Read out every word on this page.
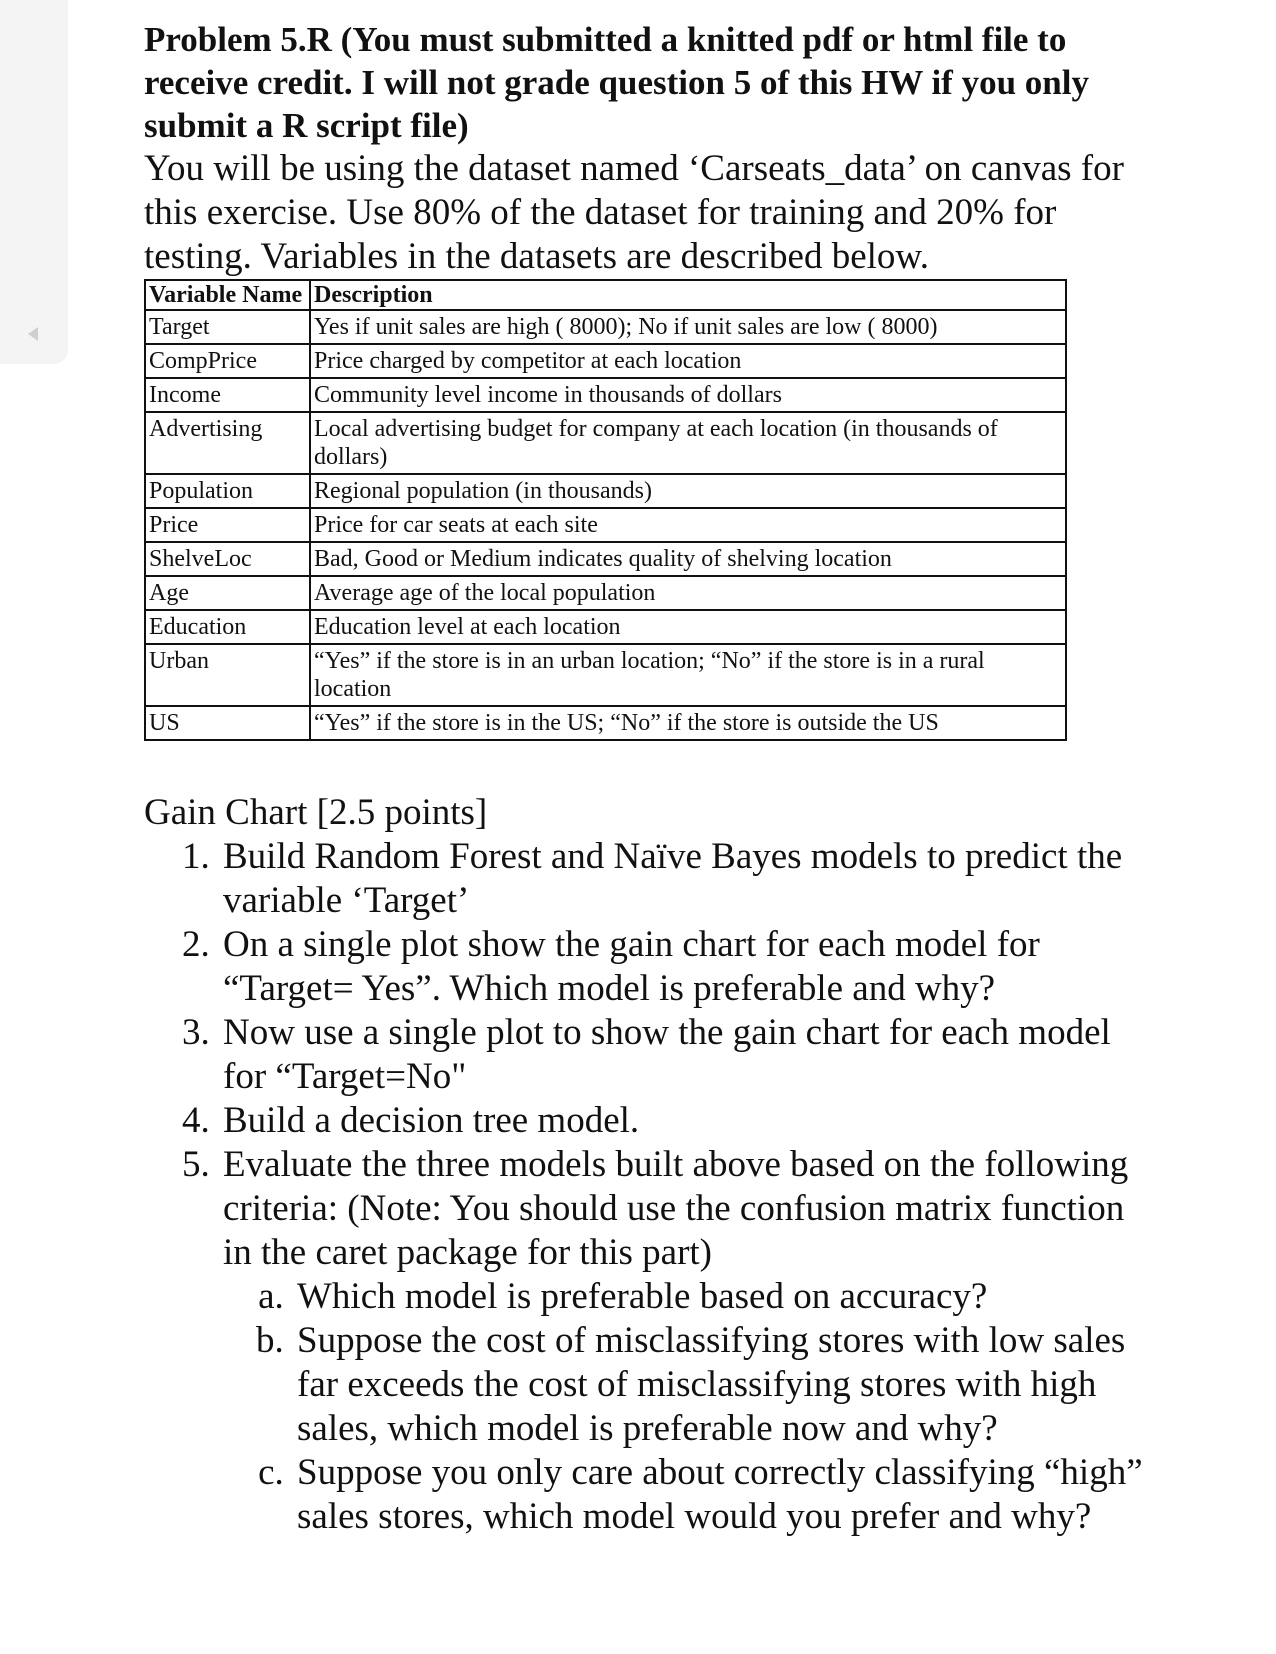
Problem 5.R (You must submitted a knitted pdf or html file to receive credit. I will not grade question 5 of this HW if you only submit a R script file)

You will be using the dataset named ‘Carseats_data’ on canvas for this exercise. Use 80% of the dataset for training and 20% for testing. Variables in the datasets are described below.

Variable Name	Description
Target	Yes if unit sales are high ( 8000); No if unit sales are low ( 8000)
CompPrice	Price charged by competitor at each location
Income	Community level income in thousands of dollars
Advertising	Local advertising budget for company at each location (in thousands of dollars)
Population	Regional population (in thousands)
Price	Price for car seats at each site
ShelveLoc	Bad, Good or Medium indicates quality of shelving location
Age	Average age of the local population
Education	Education level at each location
Urban	“Yes” if the store is in an urban location; “No” if the store is in a rural location
US	“Yes” if the store is in the US; “No” if the store is outside the US

Gain Chart [2.5 points]

1. Build Random Forest and Naïve Bayes models to predict the variable ‘Target’
2. On a single plot show the gain chart for each model for “Target= Yes”. Which model is preferable and why?
3. Now use a single plot to show the gain chart for each model for “Target=No"
4. Build a decision tree model.
5. Evaluate the three models built above based on the following criteria: (Note: You should use the confusion matrix function in the caret package for this part)
a. Which model is preferable based on accuracy?
b. Suppose the cost of misclassifying stores with low sales far exceeds the cost of misclassifying stores with high sales, which model is preferable now and why?
c. Suppose you only care about correctly classifying “high” sales stores, which model would you prefer and why?
